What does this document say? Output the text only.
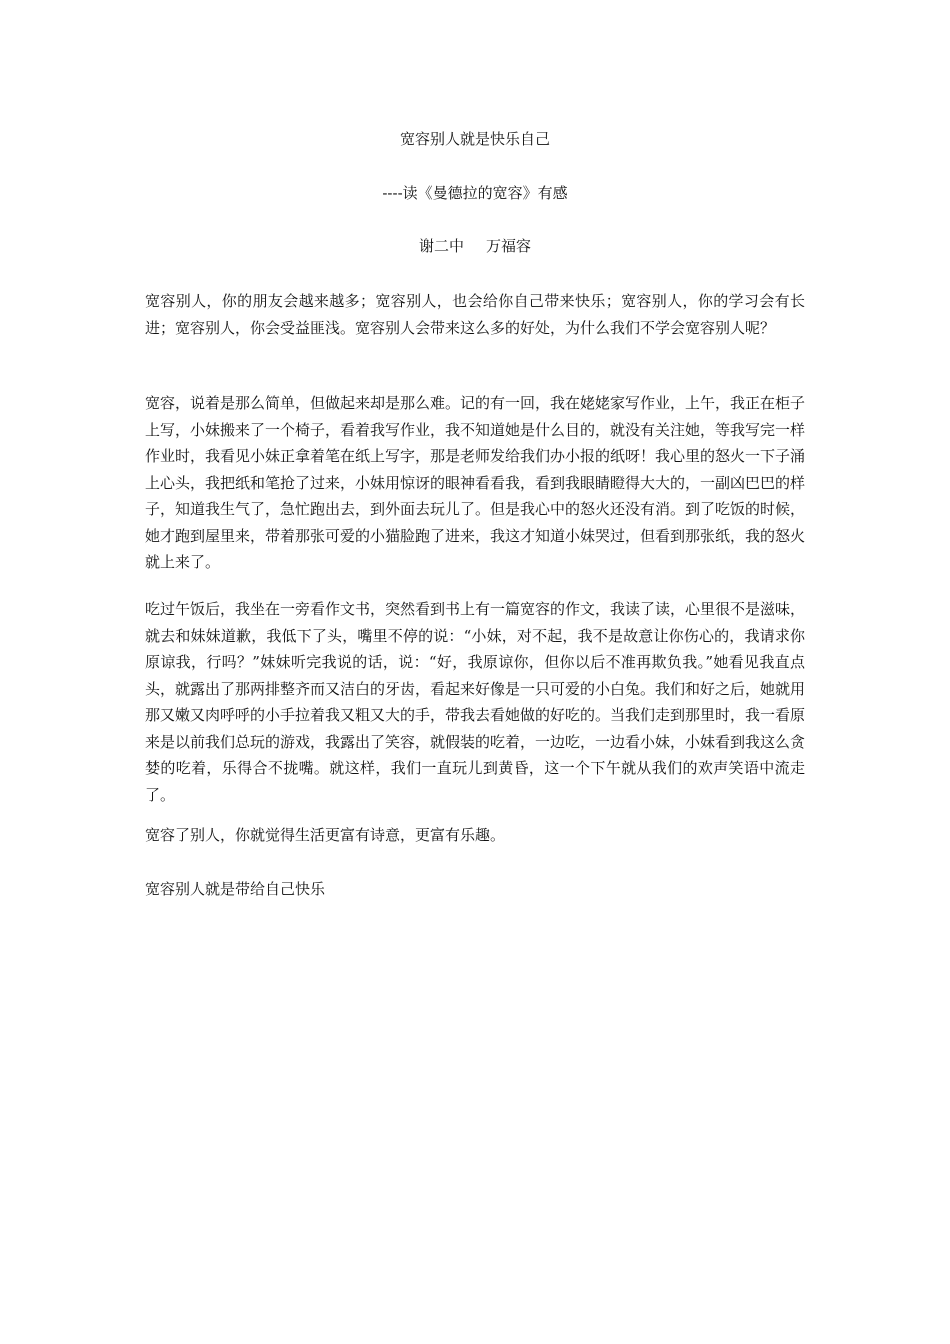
宽容别人就是快乐自己
----读《曼德拉的宽容》有感
谢二中 万福容

宽容别人，你的朋友会越来越多；宽容别人，也会给你自己带来快乐；宽容别人，你的学习会有长进；宽容别人，你会受益匪浅。宽容别人会带来这么多的好处，为什么我们不学会宽容别人呢？

宽容，说着是那么简单，但做起来却是那么难。记的有一回，我在姥姥家写作业，上午，我正在柜子上写，小妹搬来了一个椅子，看着我写作业，我不知道她是什么目的，就没有关注她，等我写完一样作业时，我看见小妹正拿着笔在纸上写字，那是老师发给我们办小报的纸呀！我心里的怒火一下子涌上心头，我把纸和笔抢了过来，小妹用惊讶的眼神看看我，看到我眼睛瞪得大大的，一副凶巴巴的样子，知道我生气了，急忙跑出去，到外面去玩儿了。但是我心中的怒火还没有消。到了吃饭的时候，她才跑到屋里来，带着那张可爱的小猫脸跑了进来，我这才知道小妹哭过，但看到那张纸，我的怒火就上来了。

吃过午饭后，我坐在一旁看作文书，突然看到书上有一篇宽容的作文，我读了读，心里很不是滋味，就去和妹妹道歉，我低下了头，嘴里不停的说：“小妹，对不起，我不是故意让你伤心的，我请求你原谅我，行吗？”妹妹听完我说的话，说：“好，我原谅你，但你以后不准再欺负我。”她看见我直点头，就露出了那两排整齐而又洁白的牙齿，看起来好像是一只可爱的小白兔。我们和好之后，她就用那又嫩又肉呼呼的小手拉着我又粗又大的手，带我去看她做的好吃的。当我们走到那里时，我一看原来是以前我们总玩的游戏，我露出了笑容，就假装的吃着，一边吃，一边看小妹，小妹看到我这么贪婪的吃着，乐得合不拢嘴。就这样，我们一直玩儿到黄昏，这一个下午就从我们的欢声笑语中流走了。

宽容了别人，你就觉得生活更富有诗意，更富有乐趣。

宽容别人就是带给自己快乐
